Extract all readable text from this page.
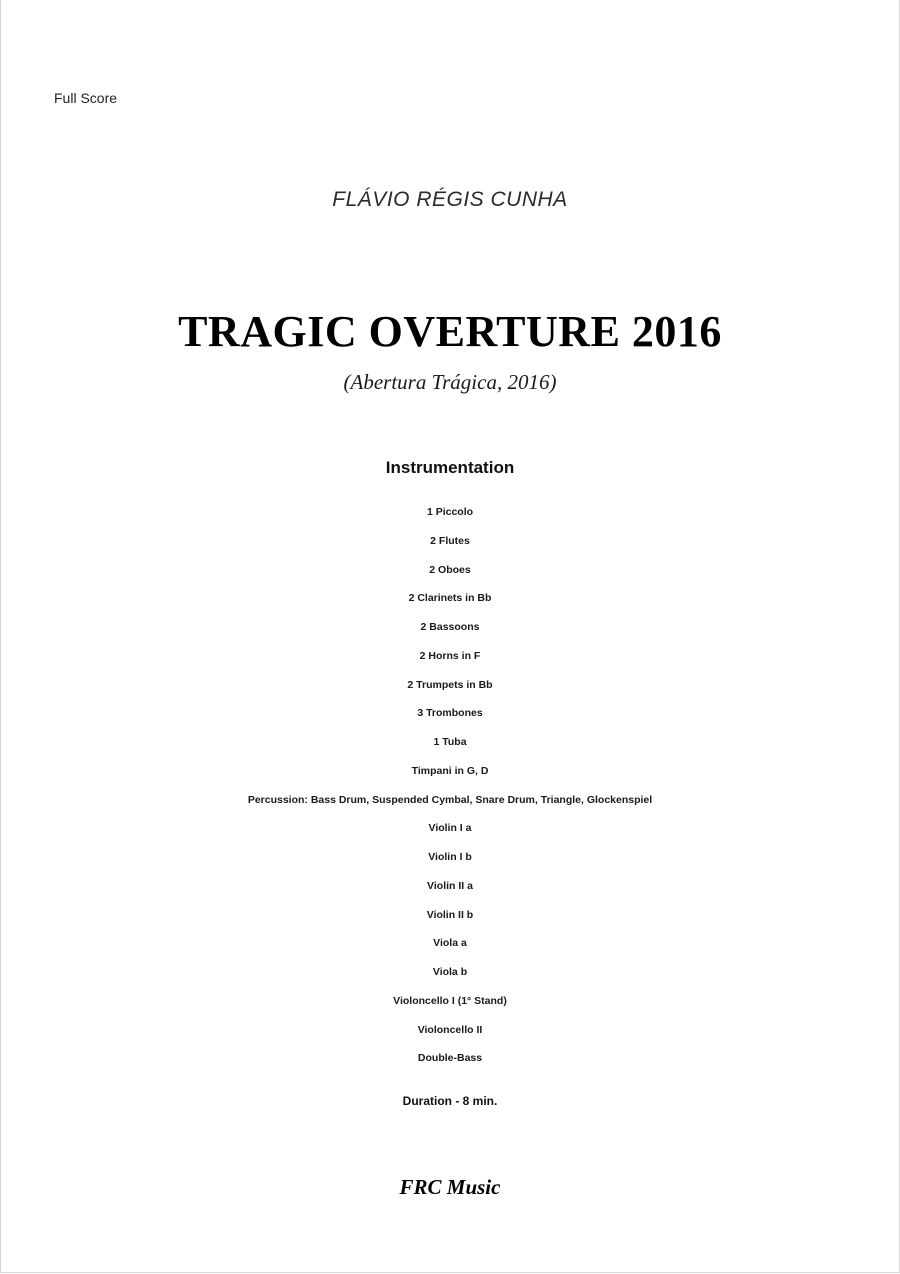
Full Score
FLÁVIO RÉGIS CUNHA
TRAGIC OVERTURE 2016
(Abertura Trágica, 2016)
Instrumentation
1 Piccolo
2 Flutes
2 Oboes
2 Clarinets in Bb
2 Bassoons
2 Horns in F
2 Trumpets in Bb
3 Trombones
1 Tuba
Timpani in G, D
Percussion: Bass Drum, Suspended Cymbal, Snare Drum, Triangle, Glockenspiel
Violin I a
Violin I b
Violin II a
Violin II b
Viola a
Viola b
Violoncello I (1° Stand)
Violoncello II
Double-Bass
Duration - 8 min.
FRC Music
